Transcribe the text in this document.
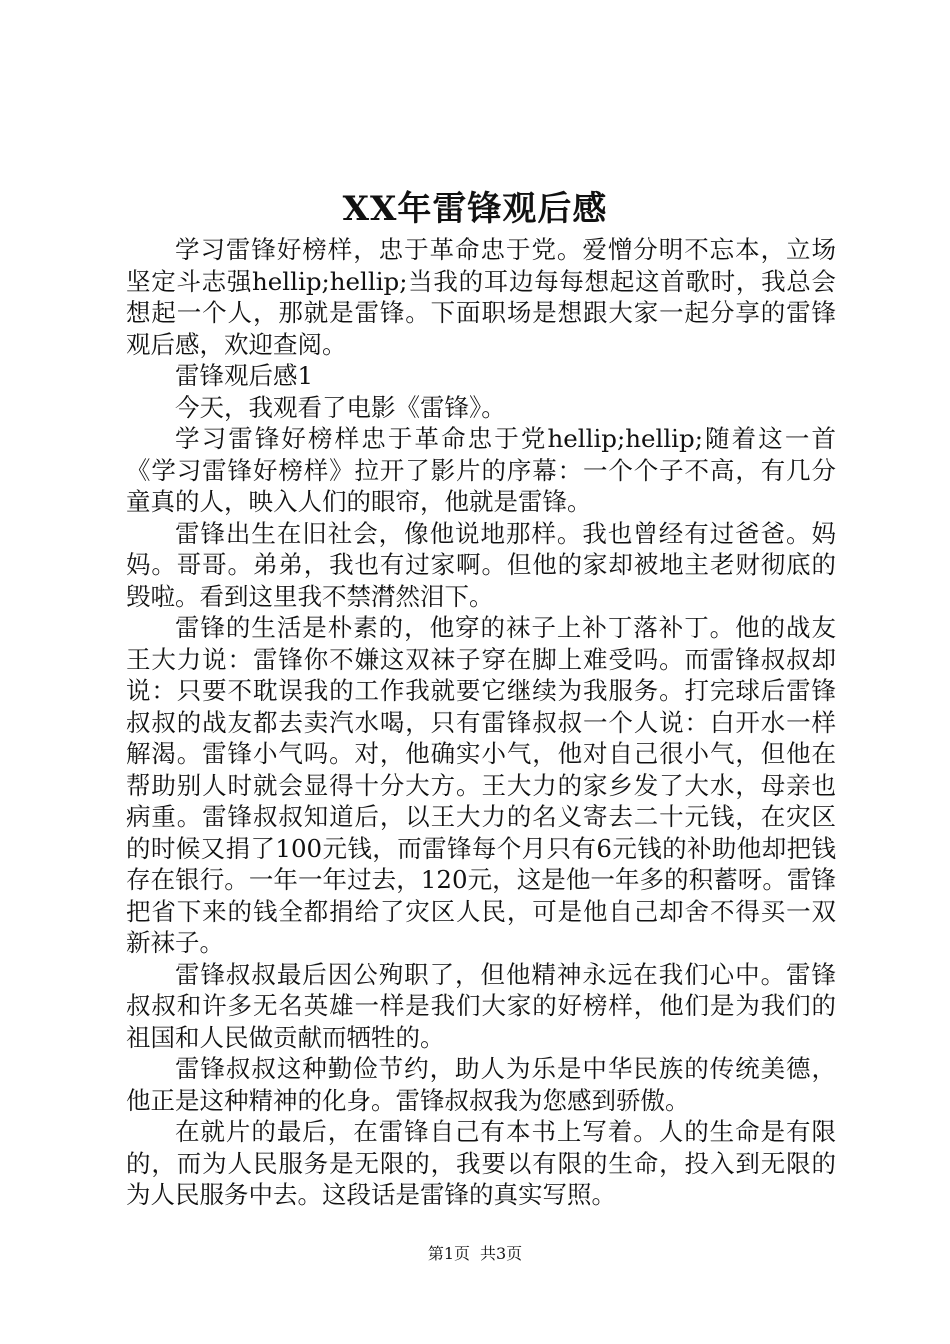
XX年雷锋观后感

学习雷锋好榜样，忠于革命忠于党。爱憎分明不忘本，立场坚定斗志强hellip;hellip;当我的耳边每每想起这首歌时，我总会想起一个人，那就是雷锋。下面职场是想跟大家一起分享的雷锋观后感，欢迎查阅。

雷锋观后感1

今天，我观看了电影《雷锋》。

学习雷锋好榜样忠于革命忠于党hellip;hellip;随着这一首《学习雷锋好榜样》拉开了影片的序幕：一个个子不高，有几分童真的人，映入人们的眼帘，他就是雷锋。

雷锋出生在旧社会，像他说地那样。我也曾经有过爸爸。妈妈。哥哥。弟弟，我也有过家啊。但他的家却被地主老财彻底的毁啦。看到这里我不禁潸然泪下。

雷锋的生活是朴素的，他穿的袜子上补丁落补丁。他的战友王大力说：雷锋你不嫌这双袜子穿在脚上难受吗。而雷锋叔叔却说：只要不耽误我的工作我就要它继续为我服务。打完球后雷锋叔叔的战友都去卖汽水喝，只有雷锋叔叔一个人说：白开水一样解渴。雷锋小气吗。对，他确实小气，他对自己很小气，但他在帮助别人时就会显得十分大方。王大力的家乡发了大水，母亲也病重。雷锋叔叔知道后，以王大力的名义寄去二十元钱，在灾区的时候又捐了100元钱，而雷锋每个月只有6元钱的补助他却把钱存在银行。一年一年过去，120元，这是他一年多的积蓄呀。雷锋把省下来的钱全都捐给了灾区人民，可是他自己却舍不得买一双新袜子。

雷锋叔叔最后因公殉职了，但他精神永远在我们心中。雷锋叔叔和许多无名英雄一样是我们大家的好榜样，他们是为我们的祖国和人民做贡献而牺牲的。

雷锋叔叔这种勤俭节约，助人为乐是中华民族的传统美德，他正是这种精神的化身。雷锋叔叔我为您感到骄傲。

在就片的最后，在雷锋自己有本书上写着。人的生命是有限的，而为人民服务是无限的，我要以有限的生命，投入到无限的为人民服务中去。这段话是雷锋的真实写照。

第1页 共3页
